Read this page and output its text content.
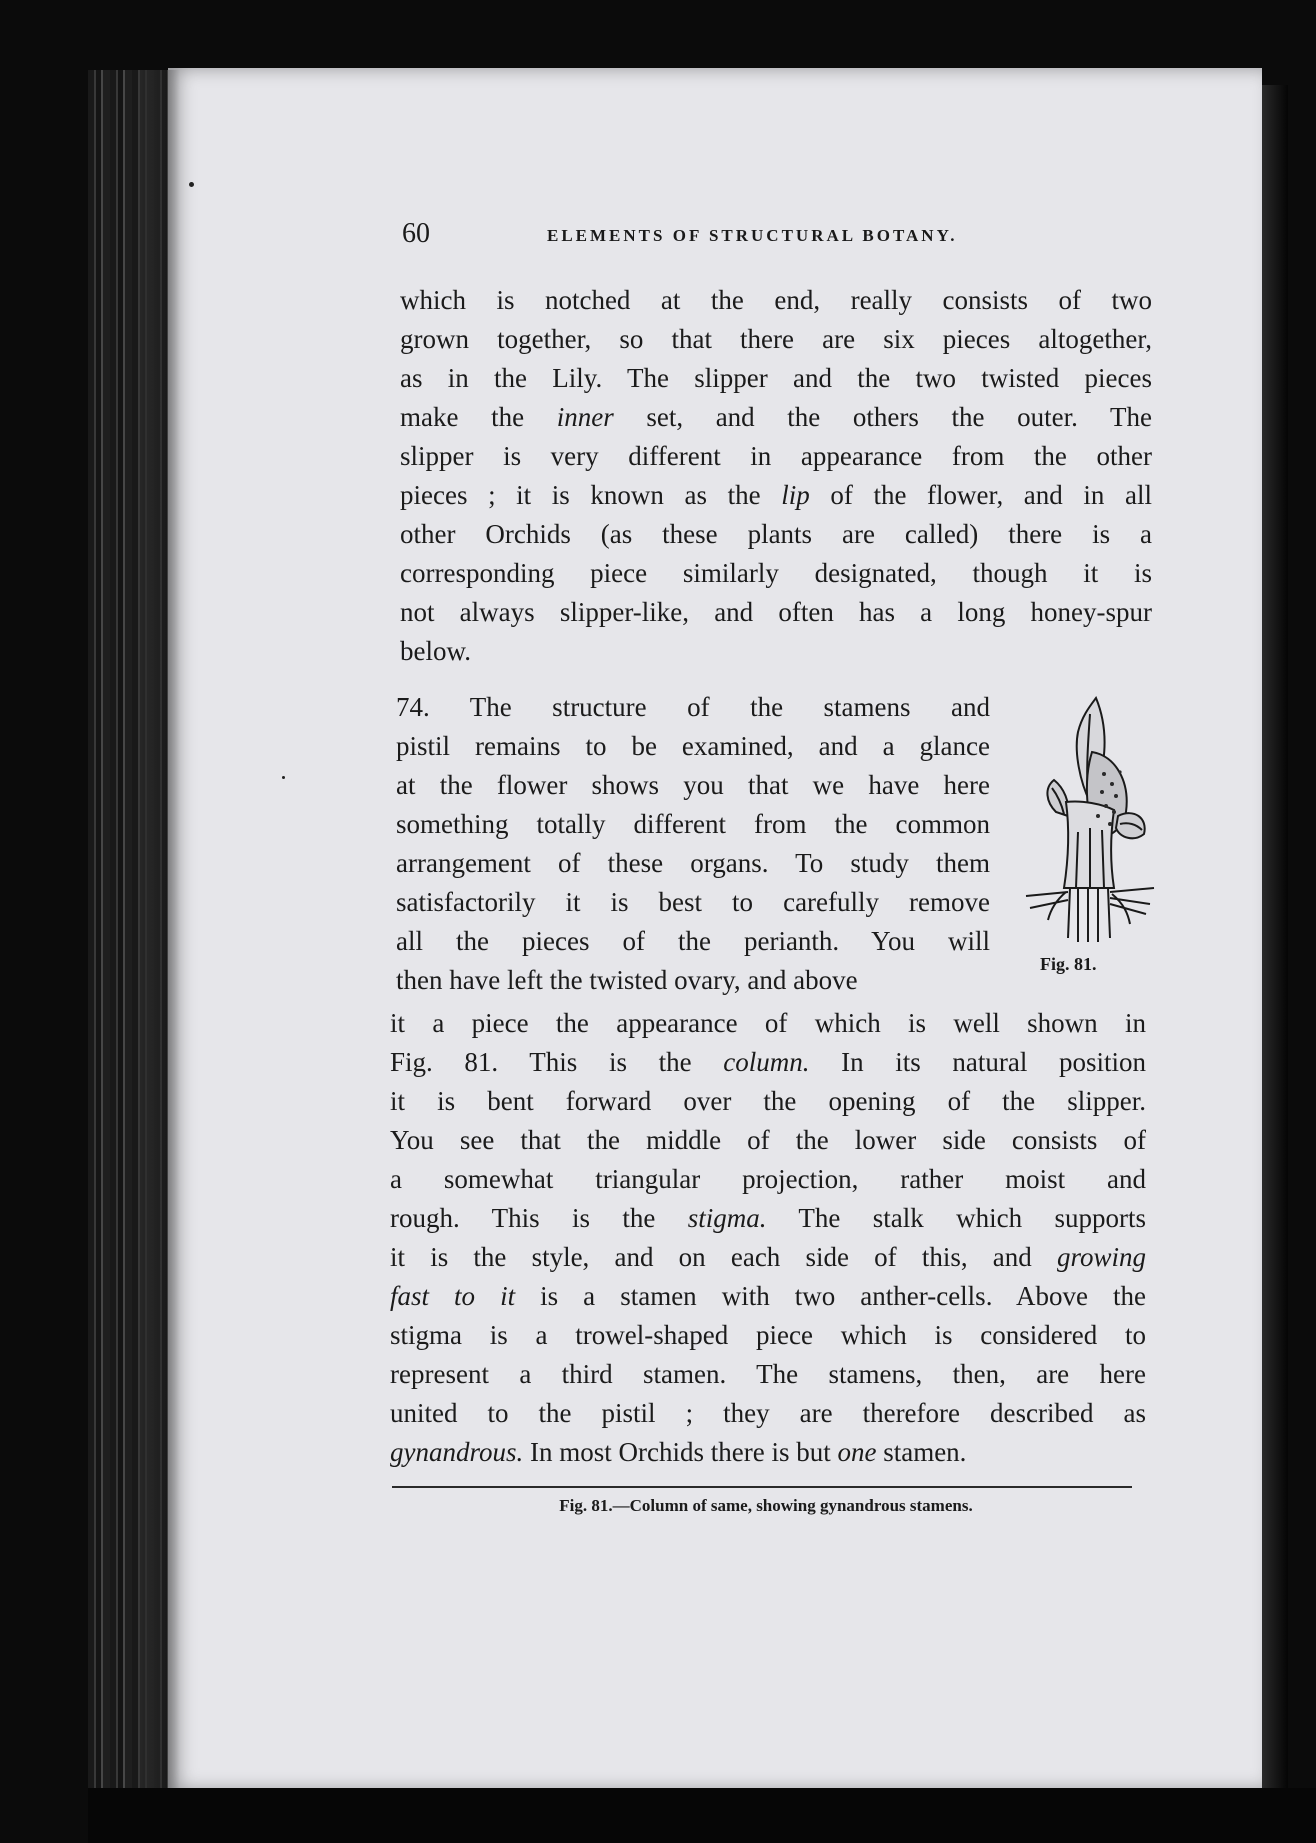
60	ELEMENTS OF STRUCTURAL BOTANY.
which is notched at the end, really consists of two
grown together, so that there are six pieces altogether,
as in the Lily. The slipper and the two twisted pieces
make the inner set, and the others the outer. The
slipper is very different in appearance from the other
pieces ; it is known as the lip of the flower, and in all
other Orchids (as these plants are called) there is a
corresponding piece similarly designated, though it is
not always slipper-like, and often has a long honey-spur
below.
74. The structure of the stamens and
pistil remains to be examined, and a glance
at the flower shows you that we have here
something totally different from the common
arrangement of these organs. To study them
satisfactorily it is best to carefully remove
all the pieces of the perianth. You will
then have left the twisted ovary, and above
it a piece the appearance of which is well shown in
Fig. 81. This is the column. In its natural position
it is bent forward over the opening of the slipper.
You see that the middle of the lower side consists of
a somewhat triangular projection, rather moist and
rough. This is the stigma. The stalk which supports
it is the style, and on each side of this, and growing
fast to it is a stamen with two anther-cells. Above the
stigma is a trowel-shaped piece which is considered to
represent a third stamen. The stamens, then, are here
united to the pistil ; they are therefore described as
gynandrous. In most Orchids there is but one stamen.
Fig. 81.
Fig. 81.—Column of same, showing gynandrous stamens.
